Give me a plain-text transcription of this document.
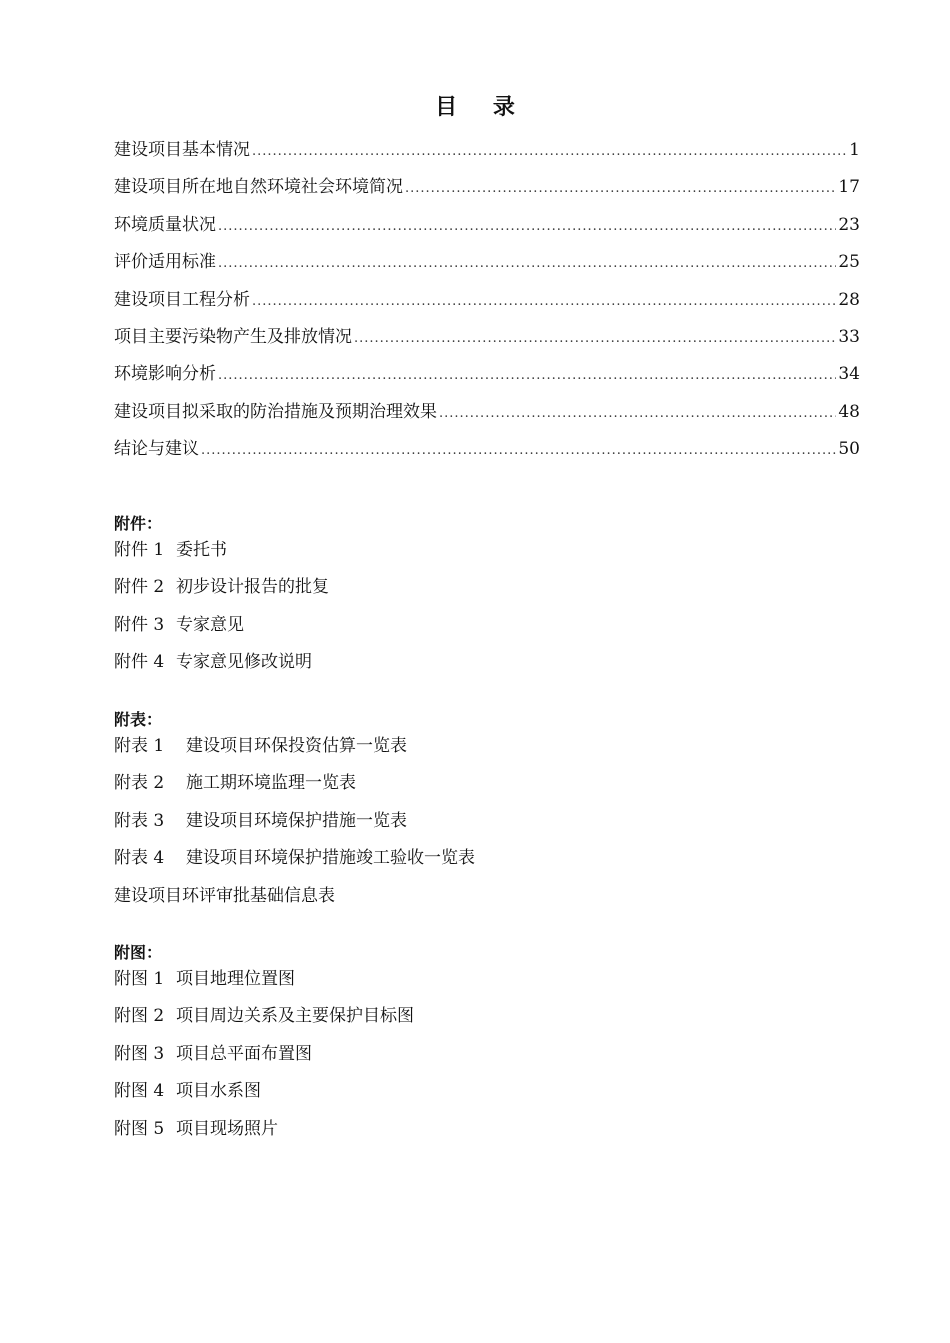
目 录
建设项目基本情况 .....	1
建设项目所在地自然环境社会环境简况 .....	17
环境质量状况 .....	23
评价适用标准 .....	25
建设项目工程分析 .....	28
项目主要污染物产生及排放情况 .....	33
环境影响分析 .....	34
建设项目拟采取的防治措施及预期治理效果 .....	48
结论与建议 .....	50
附件：
附件 1 委托书
附件 2 初步设计报告的批复
附件 3 专家意见
附件 4 专家意见修改说明
附表：
附表 1 建设项目环保投资估算一览表
附表 2 施工期环境监理一览表
附表 3 建设项目环境保护措施一览表
附表 4 建设项目环境保护措施竣工验收一览表
建设项目环评审批基础信息表
附图：
附图 1 项目地理位置图
附图 2 项目周边关系及主要保护目标图
附图 3 项目总平面布置图
附图 4 项目水系图
附图 5 项目现场照片
